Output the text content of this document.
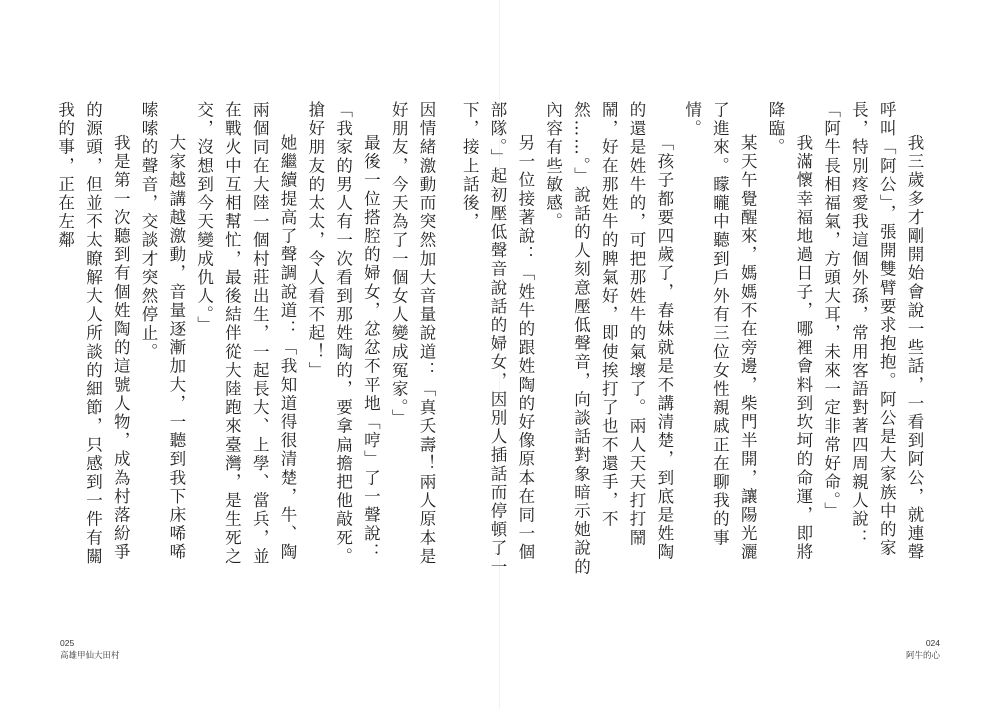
因情緒激動而突然加大音量說道：「真夭壽！兩人原本是好朋友，今天為了一個女人變成冤家。」

最後一位搭腔的婦女，忿忿不平地「哼」了一聲說：「我家的男人有一次看到那姓陶的，要拿扁擔把他敲死。搶好朋友的太太，令人看不起！」

她繼續提高了聲調說道：「我知道得很清楚，牛、陶兩個同在大陸一個村莊出生，一起長大、上學、當兵，並在戰火中互相幫忙，最後結伴從大陸跑來臺灣，是生死之交，沒想到今天變成仇人。」

大家越講越激動，音量逐漸加大，一聽到我下床唏唏嗦嗦的聲音，交談才突然停止。

我是第一次聽到有個姓陶的這號人物，成為村落紛爭的源頭，但並不太瞭解大人所談的細節，只感到一件有關我的事，正在左鄰

025
高雄甲仙大田村

我三歲多才剛開始會說一些話，一看到阿公，就連聲呼叫「阿公」，張開雙臂要求抱抱。阿公是大家族中的家長，特別疼愛我這個外孫，常用客語對著四周親人說：「阿牛長相福氣，方頭大耳，未來一定非常好命。」

我滿懷幸福地過日子，哪裡會料到坎坷的命運，即將降臨。

某天午覺醒來，媽媽不在旁邊，柴門半開，讓陽光灑了進來。矇矓中聽到戶外有三位女性親戚正在聊我的事情。

「孩子都要四歲了，春妹就是不講清楚，到底是姓陶的還是姓牛的，可把那姓牛的氣壞了。兩人天天打打鬧鬧，好在那姓牛的脾氣好，即使挨打了也不還手，不然……。」說話的人刻意壓低聲音，向談話對象暗示她說的內容有些敏感。

另一位接著說：「姓牛的跟姓陶的好像原本在同一個部隊。」起初壓低聲音說話的婦女，因別人插話而停頓了一下，接上話後，

024
阿牛的心
